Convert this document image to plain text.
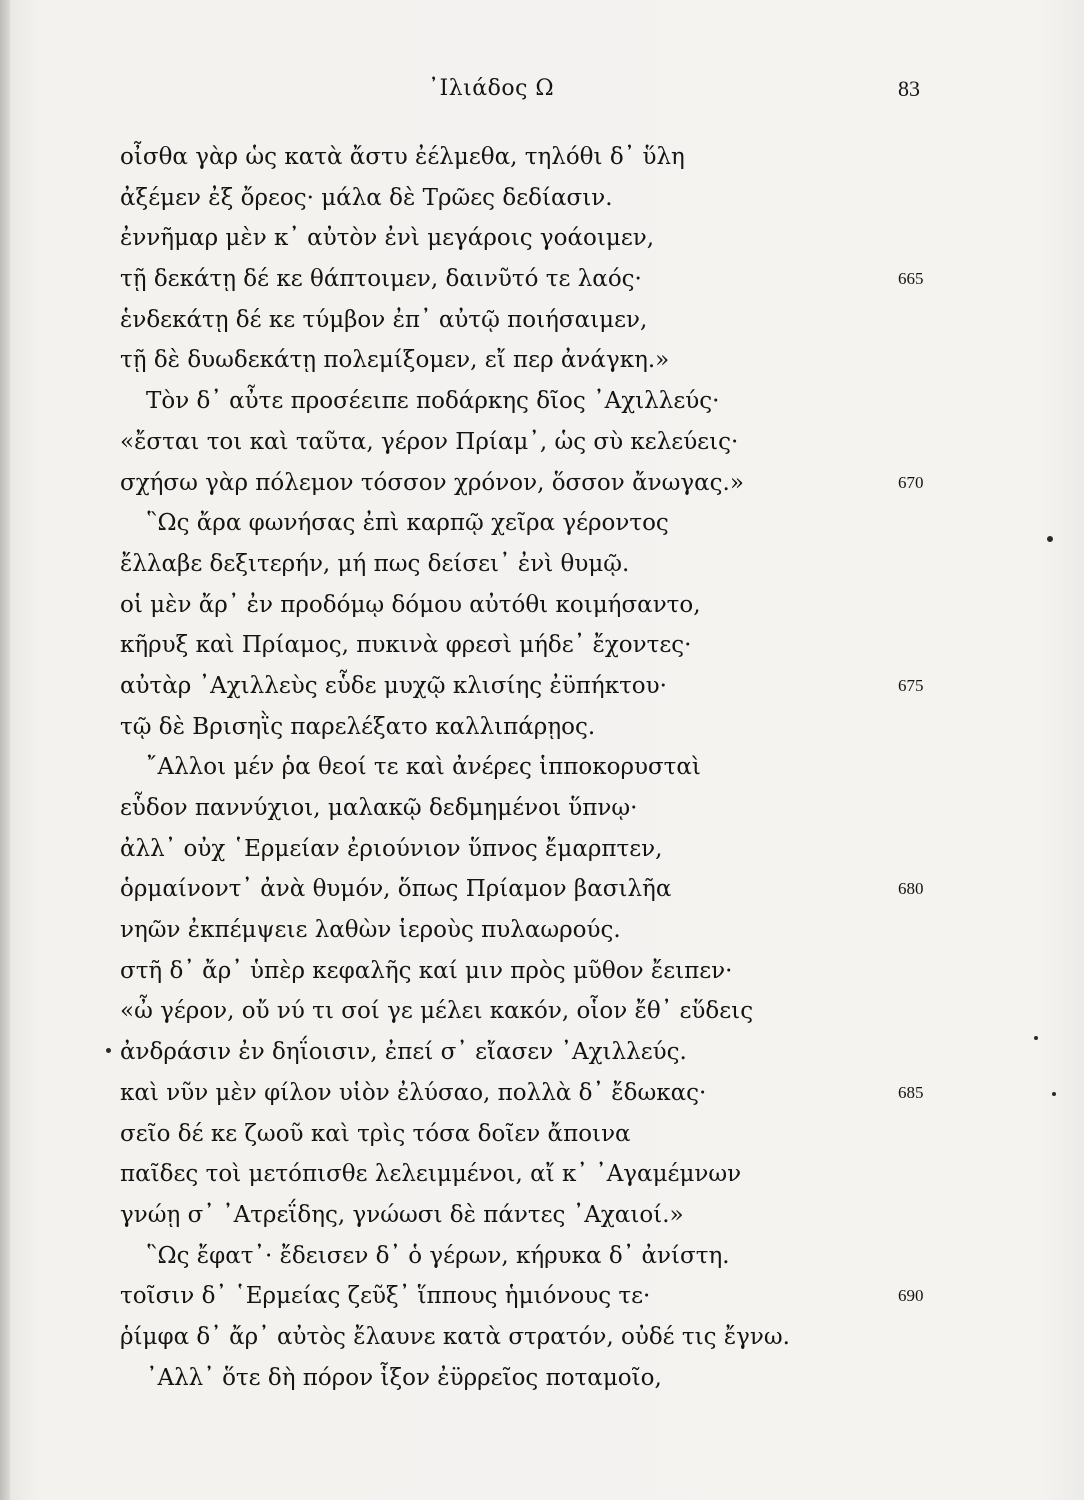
᾿Ιλιάδος Ω	83
οἶσθα γὰρ ὡς κατὰ ἄστυ ἐέλμεθα, τηλόθι δ᾿ ὕλη
ἀξέμεν ἐξ ὄρεος· μάλα δὲ Τρῶες δεδίασιν.
ἐννῆμαρ μὲν κ᾿ αὐτὸν ἐνὶ μεγάροις γοάοιμεν,
τῇ δεκάτῃ δέ κε θάπτοιμεν, δαινῦτό τε λαός·	665
ἑνδεκάτῃ δέ κε τύμβον ἐπ᾿ αὐτῷ ποιήσαιμεν,
τῇ δὲ δυωδεκάτῃ πολεμίξομεν, εἴ περ ἀνάγκη.»
Τὸν δ᾿ αὖτε προσέειπε ποδάρκης δῖος ᾿Αχιλλεύς·
«ἔσται τοι καὶ ταῦτα, γέρον Πρίαμ᾿, ὡς σὺ κελεύεις·
σχήσω γὰρ πόλεμον τόσσον χρόνον, ὅσσον ἄνωγας.»	670
῝Ως ἄρα φωνήσας ἐπὶ καρπῷ χεῖρα γέροντος
ἔλλαβε δεξιτερήν, μή πως δείσει᾿ ἐνὶ θυμῷ.
οἱ μὲν ἄρ᾿ ἐν προδόμῳ δόμου αὐτόθι κοιμήσαντο,
κῆρυξ καὶ Πρίαμος, πυκινὰ φρεσὶ μήδε᾿ ἔχοντες·
αὐτὰρ ᾿Αχιλλεὺς εὗδε μυχῷ κλισίης ἐϋπήκτου·	675
τῷ δὲ Βρισηῒς παρελέξατο καλλιπάρῃος.
῎Αλλοι μέν ῥα θεοί τε καὶ ἀνέρες ἱπποκορυσταὶ
εὗδον παννύχιοι, μαλακῷ δεδμημένοι ὕπνῳ·
ἀλλ᾿ οὐχ ῾Ερμείαν ἐριούνιον ὕπνος ἔμαρπτεν,
ὁρμαίνοντ᾿ ἀνὰ θυμόν, ὅπως Πρίαμον βασιλῆα	680
νηῶν ἐκπέμψειε λαθὼν ἱεροὺς πυλαωρούς.
στῆ δ᾿ ἄρ᾿ ὑπὲρ κεφαλῆς καί μιν πρὸς μῦθον ἔειπεν·
«ὦ γέρον, οὔ νύ τι σοί γε μέλει κακόν, οἷον ἔθ᾿ εὕδεις
ἀνδράσιν ἐν δηΐοισιν, ἐπεί σ᾿ εἴασεν ᾿Αχιλλεύς.
καὶ νῦν μὲν φίλον υἱὸν ἐλύσαο, πολλὰ δ᾿ ἔδωκας·	685
σεῖο δέ κε ζωοῦ καὶ τρὶς τόσα δοῖεν ἄποινα
παῖδες τοὶ μετόπισθε λελειμμένοι, αἴ κ᾿ ᾿Αγαμέμνων
γνώῃ σ᾿ ᾿Ατρεΐδης, γνώωσι δὲ πάντες ᾿Αχαιοί.»
῝Ως ἔφατ᾿· ἔδεισεν δ᾿ ὁ γέρων, κήρυκα δ᾿ ἀνίστη.
τοῖσιν δ᾿ ῾Ερμείας ζεῦξ᾿ ἵππους ἡμιόνους τε·	690
ῥίμφα δ᾿ ἄρ᾿ αὐτὸς ἔλαυνε κατὰ στρατόν, οὐδέ τις ἔγνω.
᾿Αλλ᾿ ὅτε δὴ πόρον ἷξον ἐϋρρεῖος ποταμοῖο,
